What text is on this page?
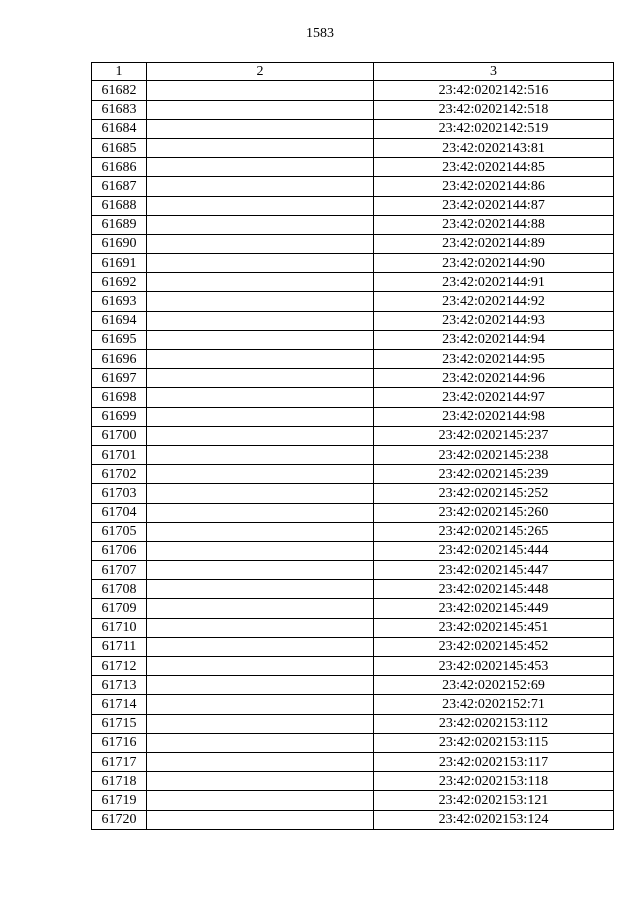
1583
1	2	3
61682		23:42:0202142:516
61683		23:42:0202142:518
61684		23:42:0202142:519
61685		23:42:0202143:81
61686		23:42:0202144:85
61687		23:42:0202144:86
61688		23:42:0202144:87
61689		23:42:0202144:88
61690		23:42:0202144:89
61691		23:42:0202144:90
61692		23:42:0202144:91
61693		23:42:0202144:92
61694		23:42:0202144:93
61695		23:42:0202144:94
61696		23:42:0202144:95
61697		23:42:0202144:96
61698		23:42:0202144:97
61699		23:42:0202144:98
61700		23:42:0202145:237
61701		23:42:0202145:238
61702		23:42:0202145:239
61703		23:42:0202145:252
61704		23:42:0202145:260
61705		23:42:0202145:265
61706		23:42:0202145:444
61707		23:42:0202145:447
61708		23:42:0202145:448
61709		23:42:0202145:449
61710		23:42:0202145:451
61711		23:42:0202145:452
61712		23:42:0202145:453
61713		23:42:0202152:69
61714		23:42:0202152:71
61715		23:42:0202153:112
61716		23:42:0202153:115
61717		23:42:0202153:117
61718		23:42:0202153:118
61719		23:42:0202153:121
61720		23:42:0202153:124
